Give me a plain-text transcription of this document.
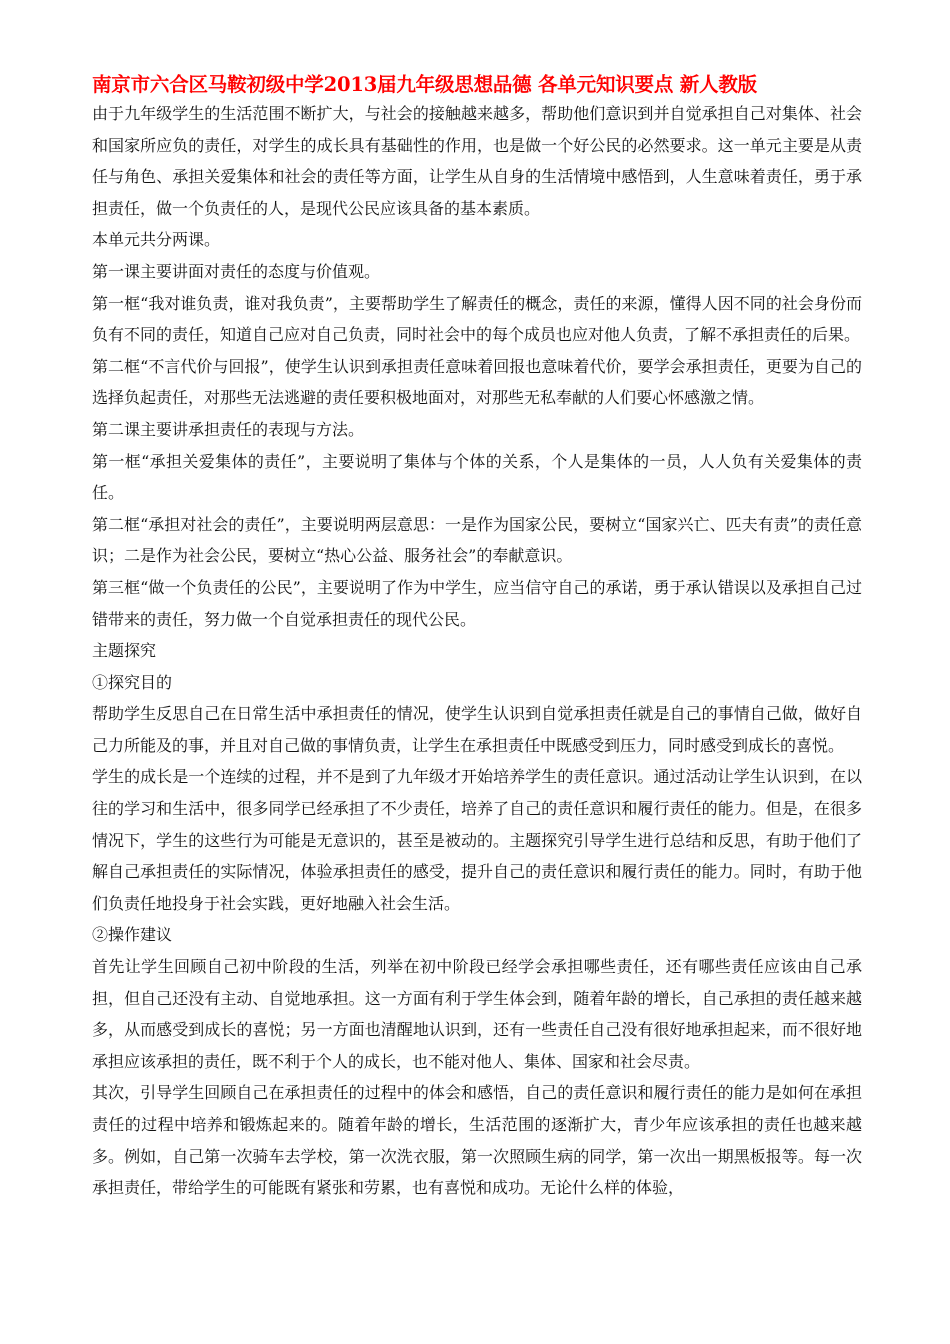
南京市六合区马鞍初级中学2013届九年级思想品德 各单元知识要点 新人教版

由于九年级学生的生活范围不断扩大，与社会的接触越来越多，帮助他们意识到并自觉承担自己对集体、社会和国家所应负的责任，对学生的成长具有基础性的作用，也是做一个好公民的必然要求。这一单元主要是从责任与角色、承担关爱集体和社会的责任等方面，让学生从自身的生活情境中感悟到，人生意味着责任，勇于承担责任，做一个负责任的人，是现代公民应该具备的基本素质。

本单元共分两课。

第一课主要讲面对责任的态度与价值观。

第一框“我对谁负责，谁对我负责”，主要帮助学生了解责任的概念，责任的来源，懂得人因不同的社会身份而负有不同的责任，知道自己应对自己负责，同时社会中的每个成员也应对他人负责，了解不承担责任的后果。

第二框“不言代价与回报”，使学生认识到承担责任意味着回报也意味着代价，要学会承担责任，更要为自己的选择负起责任，对那些无法逃避的责任要积极地面对，对那些无私奉献的人们要心怀感激之情。

第二课主要讲承担责任的表现与方法。

第一框“承担关爱集体的责任”，主要说明了集体与个体的关系，个人是集体的一员，人人负有关爱集体的责任。

第二框“承担对社会的责任”，主要说明两层意思：一是作为国家公民，要树立“国家兴亡、匹夫有责”的责任意识；二是作为社会公民，要树立“热心公益、服务社会”的奉献意识。

第三框“做一个负责任的公民”，主要说明了作为中学生，应当信守自己的承诺，勇于承认错误以及承担自己过错带来的责任，努力做一个自觉承担责任的现代公民。

主题探究

①探究目的

帮助学生反思自己在日常生活中承担责任的情况，使学生认识到自觉承担责任就是自己的事情自己做，做好自己力所能及的事，并且对自己做的事情负责，让学生在承担责任中既感受到压力，同时感受到成长的喜悦。

学生的成长是一个连续的过程，并不是到了九年级才开始培养学生的责任意识。通过活动让学生认识到，在以往的学习和生活中，很多同学已经承担了不少责任，培养了自己的责任意识和履行责任的能力。但是，在很多情况下，学生的这些行为可能是无意识的，甚至是被动的。主题探究引导学生进行总结和反思，有助于他们了解自己承担责任的实际情况，体验承担责任的感受，提升自己的责任意识和履行责任的能力。同时，有助于他们负责任地投身于社会实践，更好地融入社会生活。

②操作建议

首先让学生回顾自己初中阶段的生活，列举在初中阶段已经学会承担哪些责任，还有哪些责任应该由自己承担，但自己还没有主动、自觉地承担。这一方面有利于学生体会到，随着年龄的增长，自己承担的责任越来越多，从而感受到成长的喜悦；另一方面也清醒地认识到，还有一些责任自己没有很好地承担起来，而不很好地承担应该承担的责任，既不利于个人的成长，也不能对他人、集体、国家和社会尽责。

其次，引导学生回顾自己在承担责任的过程中的体会和感悟，自己的责任意识和履行责任的能力是如何在承担责任的过程中培养和锻炼起来的。随着年龄的增长，生活范围的逐渐扩大，青少年应该承担的责任也越来越多。例如，自己第一次骑车去学校，第一次洗衣服，第一次照顾生病的同学，第一次出一期黑板报等。每一次承担责任，带给学生的可能既有紧张和劳累，也有喜悦和成功。无论什么样的体验，
